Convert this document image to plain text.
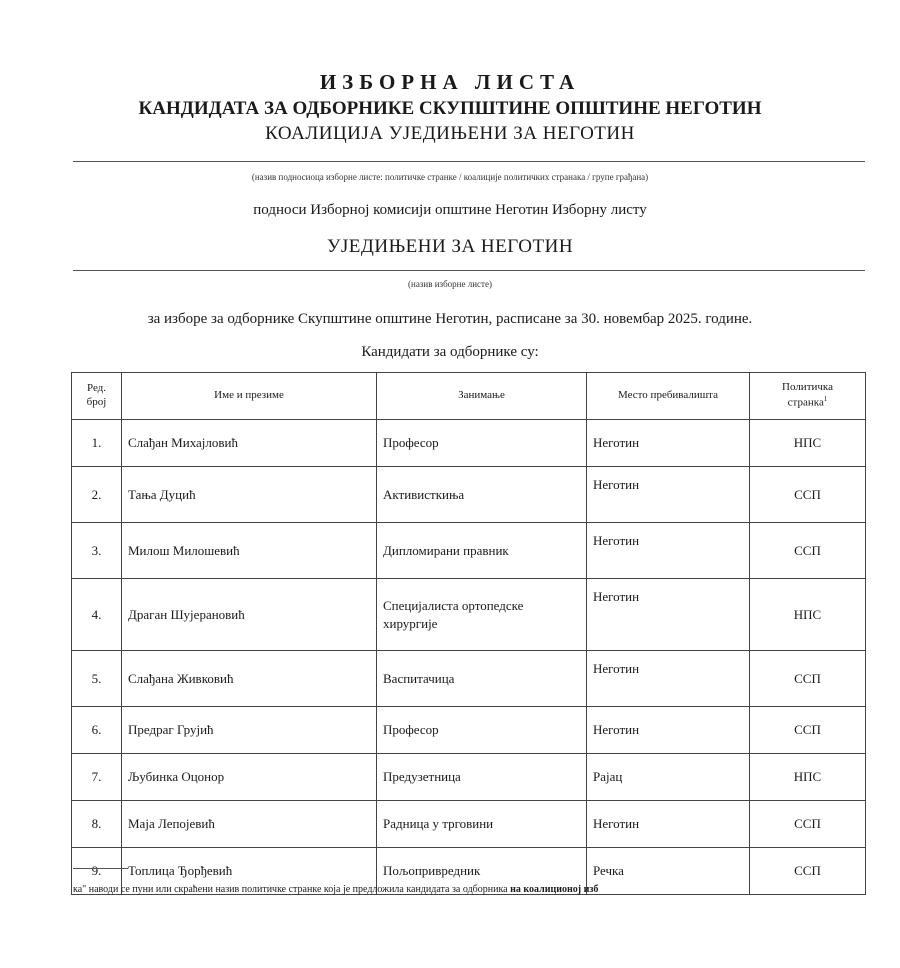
ИЗБОРНА ЛИСТА
КАНДИДАТА ЗА ОДБОРНИКЕ СКУПШТИНЕ ОПШТИНЕ НЕГОТИН
КОАЛИЦИЈА УЈЕДИЊЕНИ ЗА НЕГОТИН
(назив подносиоца изборне листе: политичке странке / коалиције политичких странака / групе грађана)
подноси Изборној комисији општине Неготин Изборну листу
УЈЕДИЊЕНИ ЗА НЕГОТИН
(назив изборне листе)
за изборе за одборнике Скупштине општине Неготин, расписане за 30. новембар 2025. године.
Кандидати за одборнике су:
Ред.
број	Име и презиме	Занимање	Место пребивалишта	Политичка
странка$^1$
1.	Слађан Михајловић	Професор	Неготин	НПС
2.	Тања Дуцић	Активисткиња	Неготин	ССП
3.	Милош Милошевић	Дипломирани правник	Неготин	ССП
4.	Драган Шујерановић	Специјалиста ортопедске хирургије	Неготин	НПС
5.	Слађана Живковић	Васпитачица	Неготин	ССП
6.	Предраг Грујић	Професор	Неготин	ССП
7.	Љубинка Оцонор	Предузетница	Рајац	НПС
8.	Маја Лепојевић	Радница у трговини	Неготин	ССП
9.	Топлица Ђорђевић	Пољопривредник	Речка	ССП
ка" наводи се пуни или скраћени назив политичке странке која је предложила кандидата за одборника на коалиционој изб
